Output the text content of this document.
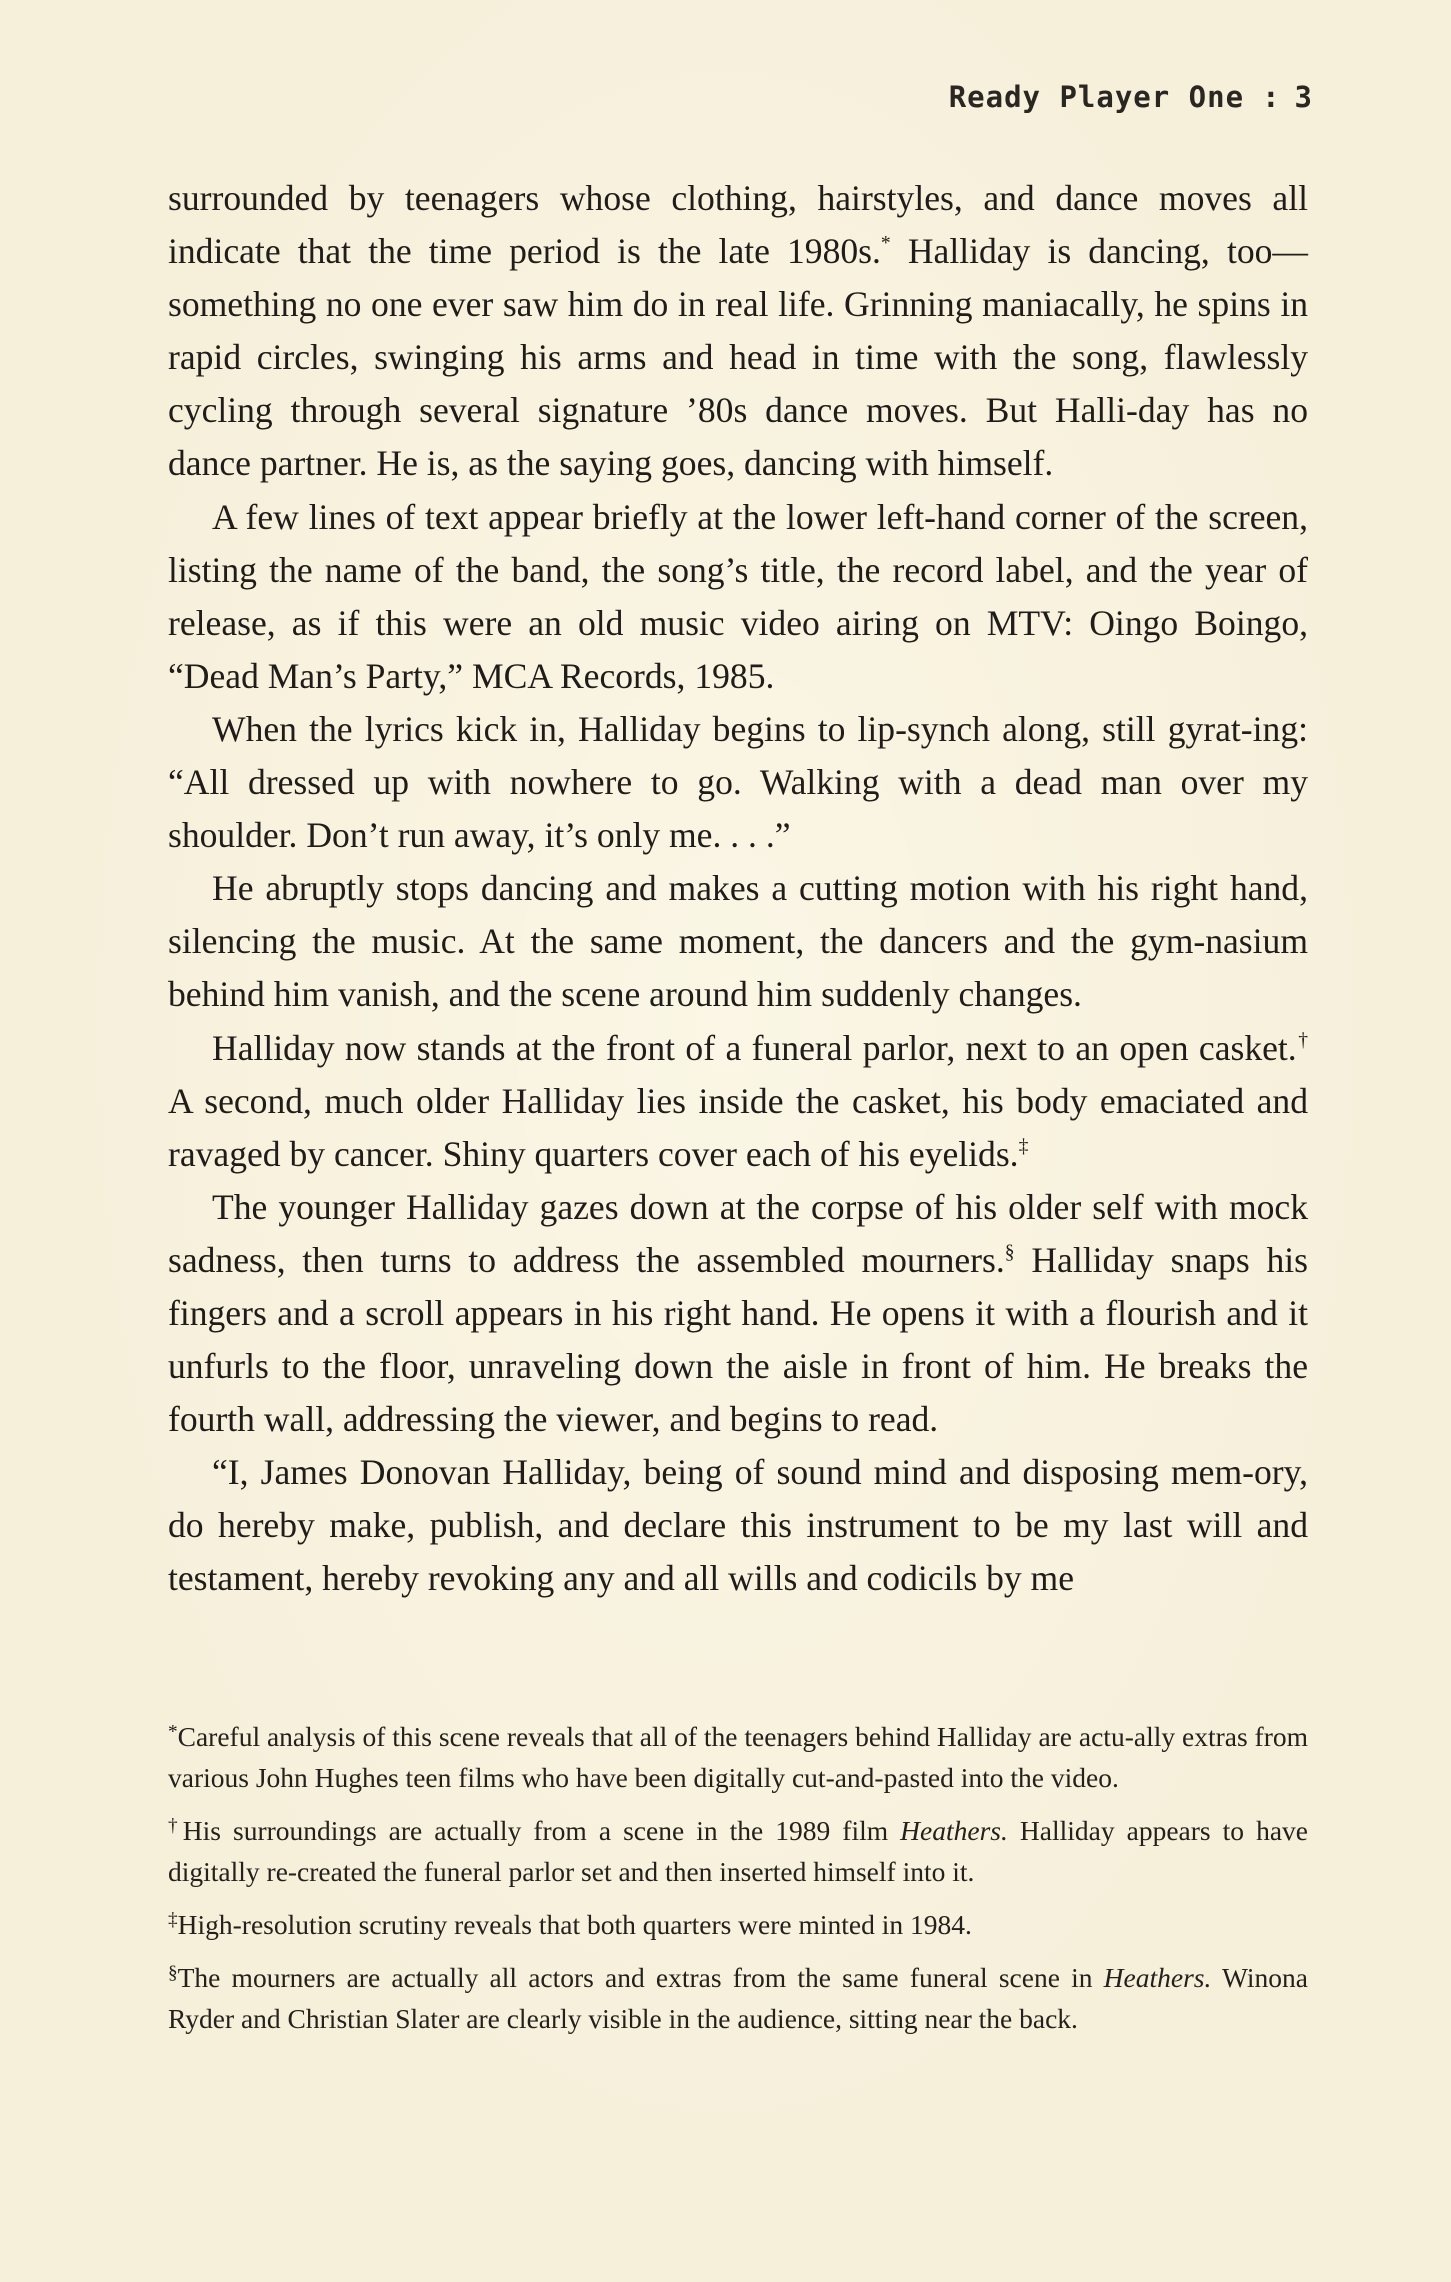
Ready Player One : 3

surrounded by teenagers whose clothing, hairstyles, and dance moves all indicate that the time period is the late 1980s.* Halliday is dancing, too—something no one ever saw him do in real life. Grinning maniacally, he spins in rapid circles, swinging his arms and head in time with the song, flawlessly cycling through several signature ’80s dance moves. But Halli-day has no dance partner. He is, as the saying goes, dancing with himself.

A few lines of text appear briefly at the lower left-hand corner of the screen, listing the name of the band, the song’s title, the record label, and the year of release, as if this were an old music video airing on MTV: Oingo Boingo, “Dead Man’s Party,” MCA Records, 1985.

When the lyrics kick in, Halliday begins to lip-synch along, still gyrat-ing: “All dressed up with nowhere to go. Walking with a dead man over my shoulder. Don’t run away, it’s only me. . . .”

He abruptly stops dancing and makes a cutting motion with his right hand, silencing the music. At the same moment, the dancers and the gym-nasium behind him vanish, and the scene around him suddenly changes.

Halliday now stands at the front of a funeral parlor, next to an open casket.† A second, much older Halliday lies inside the casket, his body emaciated and ravaged by cancer. Shiny quarters cover each of his eyelids.‡

The younger Halliday gazes down at the corpse of his older self with mock sadness, then turns to address the assembled mourners.§ Halliday snaps his fingers and a scroll appears in his right hand. He opens it with a flourish and it unfurls to the floor, unraveling down the aisle in front of him. He breaks the fourth wall, addressing the viewer, and begins to read.

“I, James Donovan Halliday, being of sound mind and disposing mem-ory, do hereby make, publish, and declare this instrument to be my last will and testament, hereby revoking any and all wills and codicils by me

*Careful analysis of this scene reveals that all of the teenagers behind Halliday are actu-ally extras from various John Hughes teen films who have been digitally cut-and-pasted into the video.

†His surroundings are actually from a scene in the 1989 film Heathers. Halliday appears to have digitally re-created the funeral parlor set and then inserted himself into it.

‡High-resolution scrutiny reveals that both quarters were minted in 1984.

§The mourners are actually all actors and extras from the same funeral scene in Heathers. Winona Ryder and Christian Slater are clearly visible in the audience, sitting near the back.
